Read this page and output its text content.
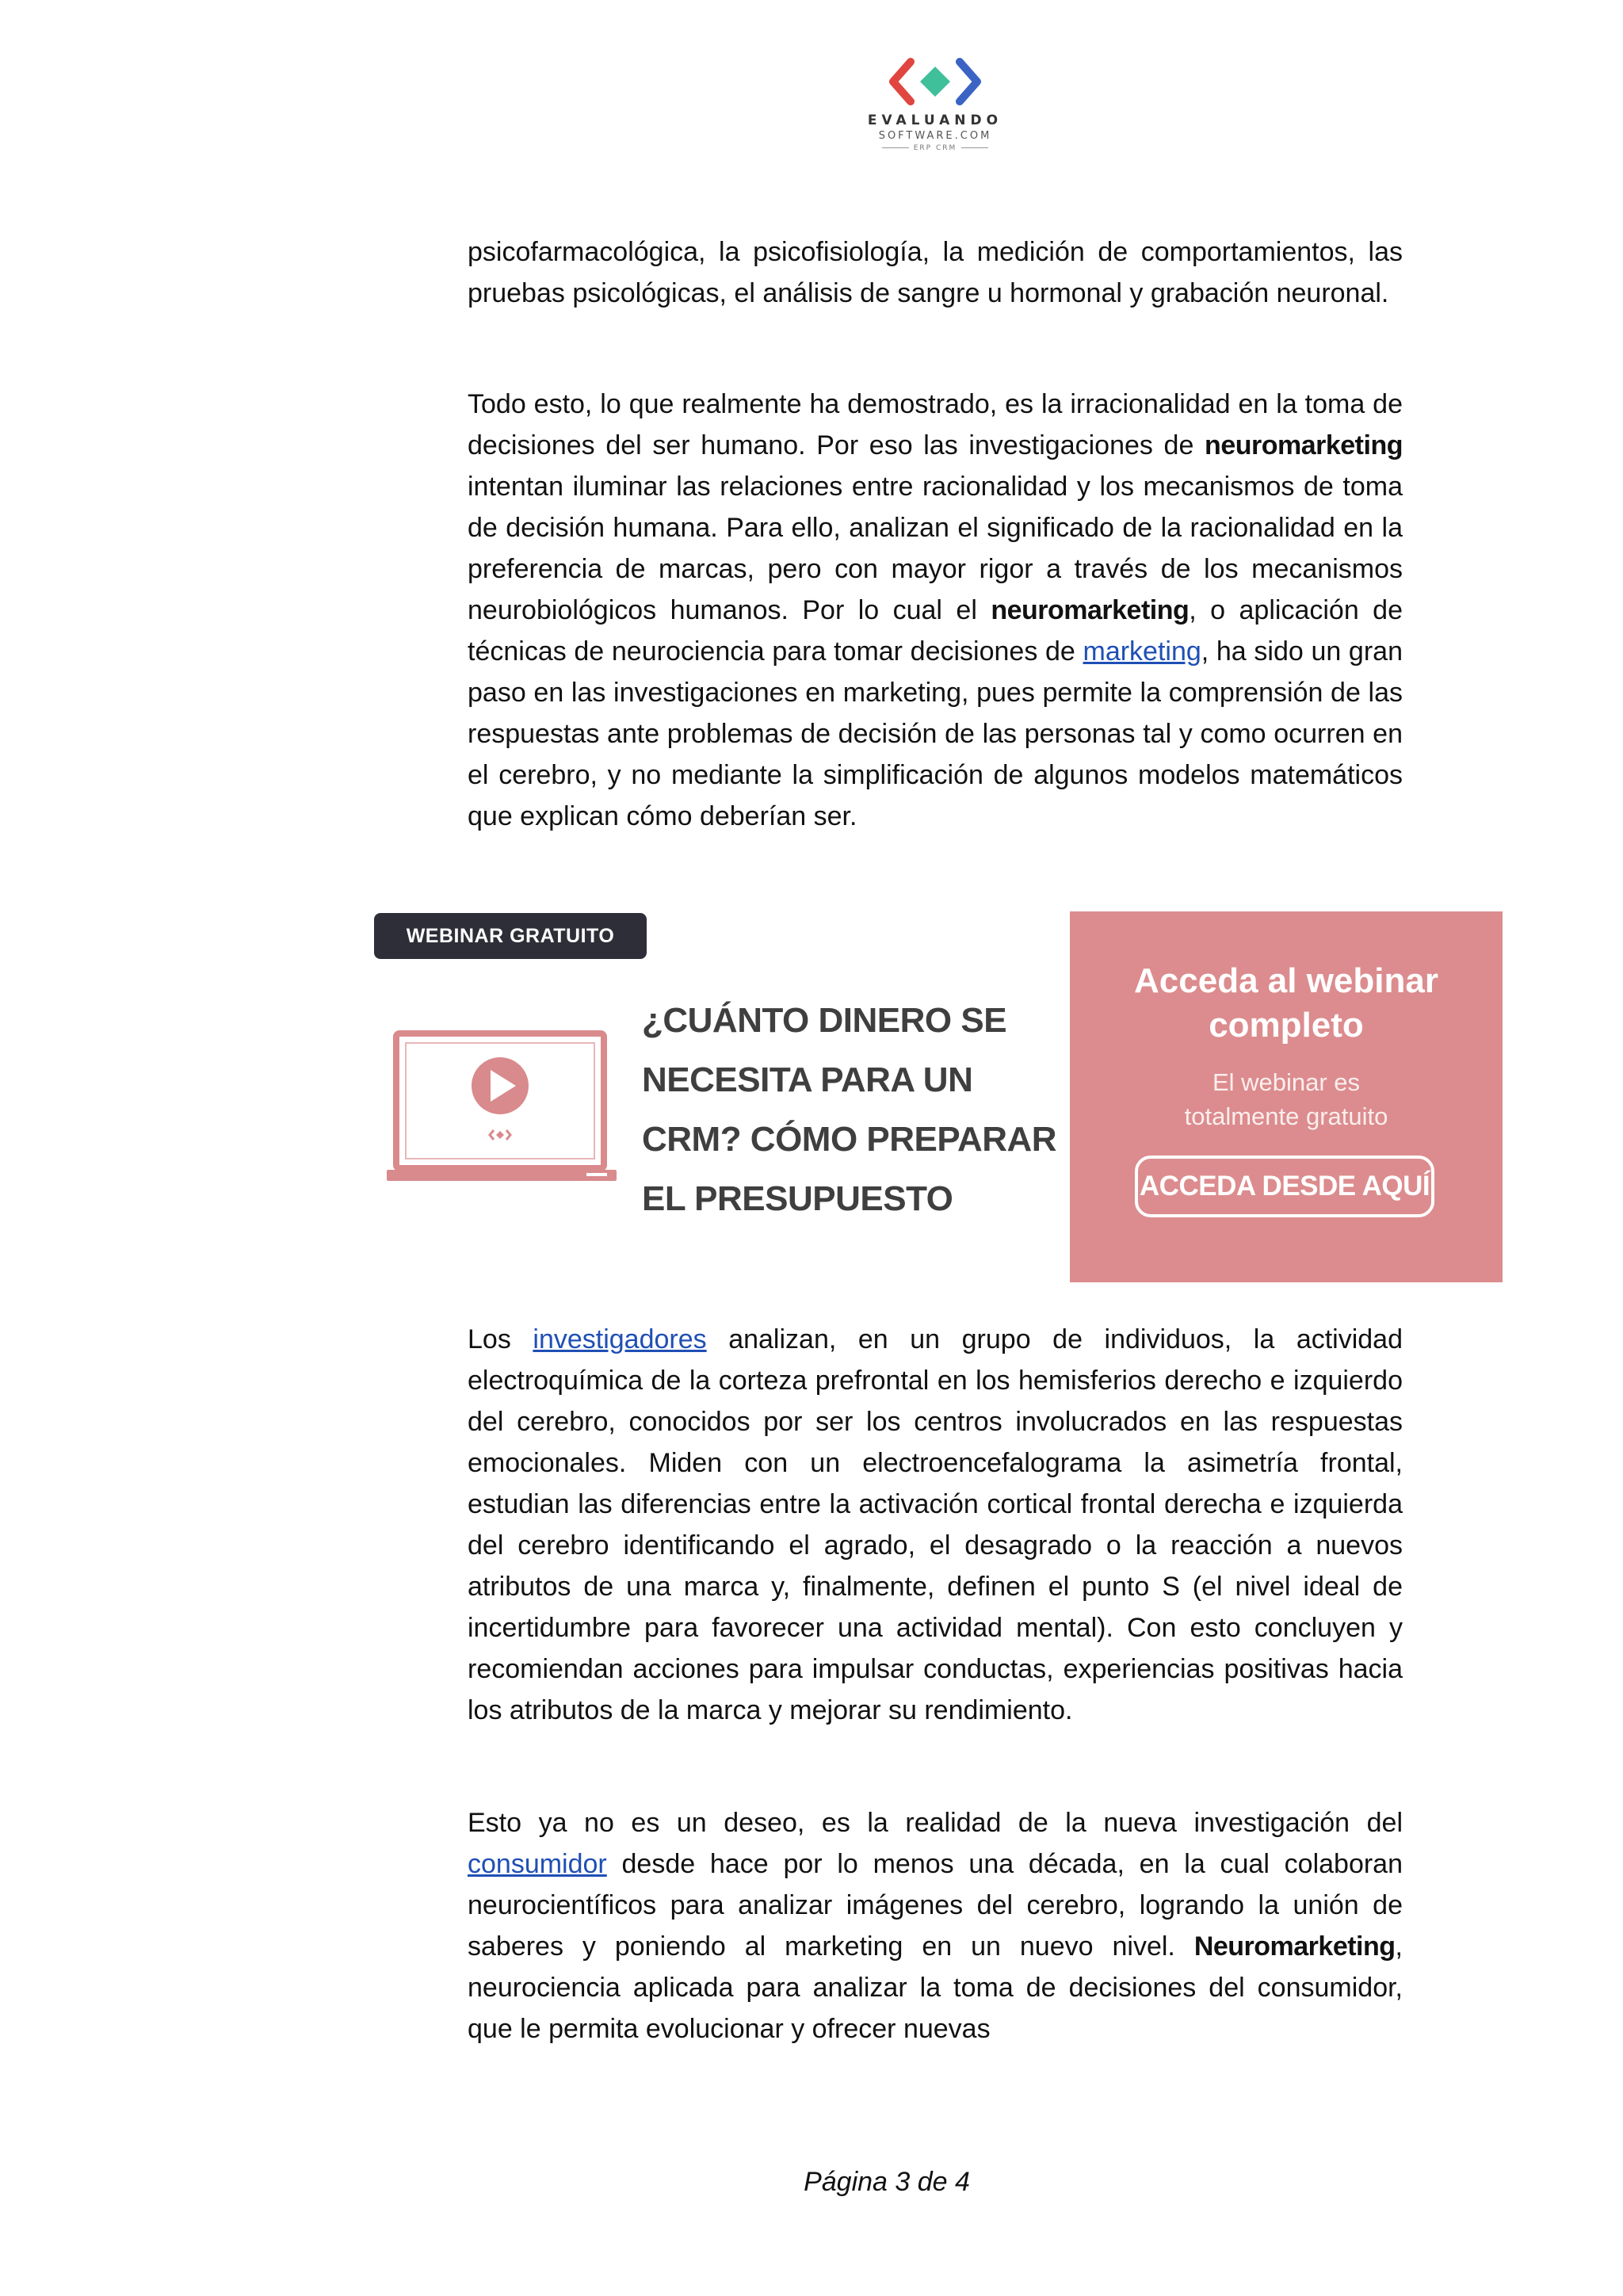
EVALUANDO
SOFTWARE.COM
ERP CRM

psicofarmacológica, la psicofisiología, la medición de comportamientos, las pruebas psicológicas, el análisis de sangre u hormonal y grabación neuronal.

Todo esto, lo que realmente ha demostrado, es la irracionalidad en la toma de decisiones del ser humano. Por eso las investigaciones de neuromarketing intentan iluminar las relaciones entre racionalidad y los mecanismos de toma de decisión humana. Para ello, analizan el significado de la racionalidad en la preferencia de marcas, pero con mayor rigor a través de los mecanismos neurobiológicos humanos. Por lo cual el neuromarketing, o aplicación de técnicas de neurociencia para tomar decisiones de marketing, ha sido un gran paso en las investigaciones en marketing, pues permite la comprensión de las respuestas ante problemas de decisión de las personas tal y como ocurren en el cerebro, y no mediante la simplificación de algunos modelos matemáticos que explican cómo deberían ser.

WEBINAR GRATUITO
¿CUÁNTO DINERO SE
NECESITA PARA UN
CRM? CÓMO PREPARAR
EL PRESUPUESTO
Acceda al webinar
completo
El webinar es
totalmente gratuito
ACCEDA DESDE AQUÍ

Los investigadores analizan, en un grupo de individuos, la actividad electroquímica de la corteza prefrontal en los hemisferios derecho e izquierdo del cerebro, conocidos por ser los centros involucrados en las respuestas emocionales. Miden con un electroencefalograma la asimetría frontal, estudian las diferencias entre la activación cortical frontal derecha e izquierda del cerebro identificando el agrado, el desagrado o la reacción a nuevos atributos de una marca y, finalmente, definen el punto S (el nivel ideal de incertidumbre para favorecer una actividad mental). Con esto concluyen y recomiendan acciones para impulsar conductas, experiencias positivas hacia los atributos de la marca y mejorar su rendimiento.

Esto ya no es un deseo, es la realidad de la nueva investigación del consumidor desde hace por lo menos una década, en la cual colaboran neurocientíficos para analizar imágenes del cerebro, logrando la unión de saberes y poniendo al marketing en un nuevo nivel. Neuromarketing, neurociencia aplicada para analizar la toma de decisiones del consumidor, que le permita evolucionar y ofrecer nuevas

Página 3 de 4
